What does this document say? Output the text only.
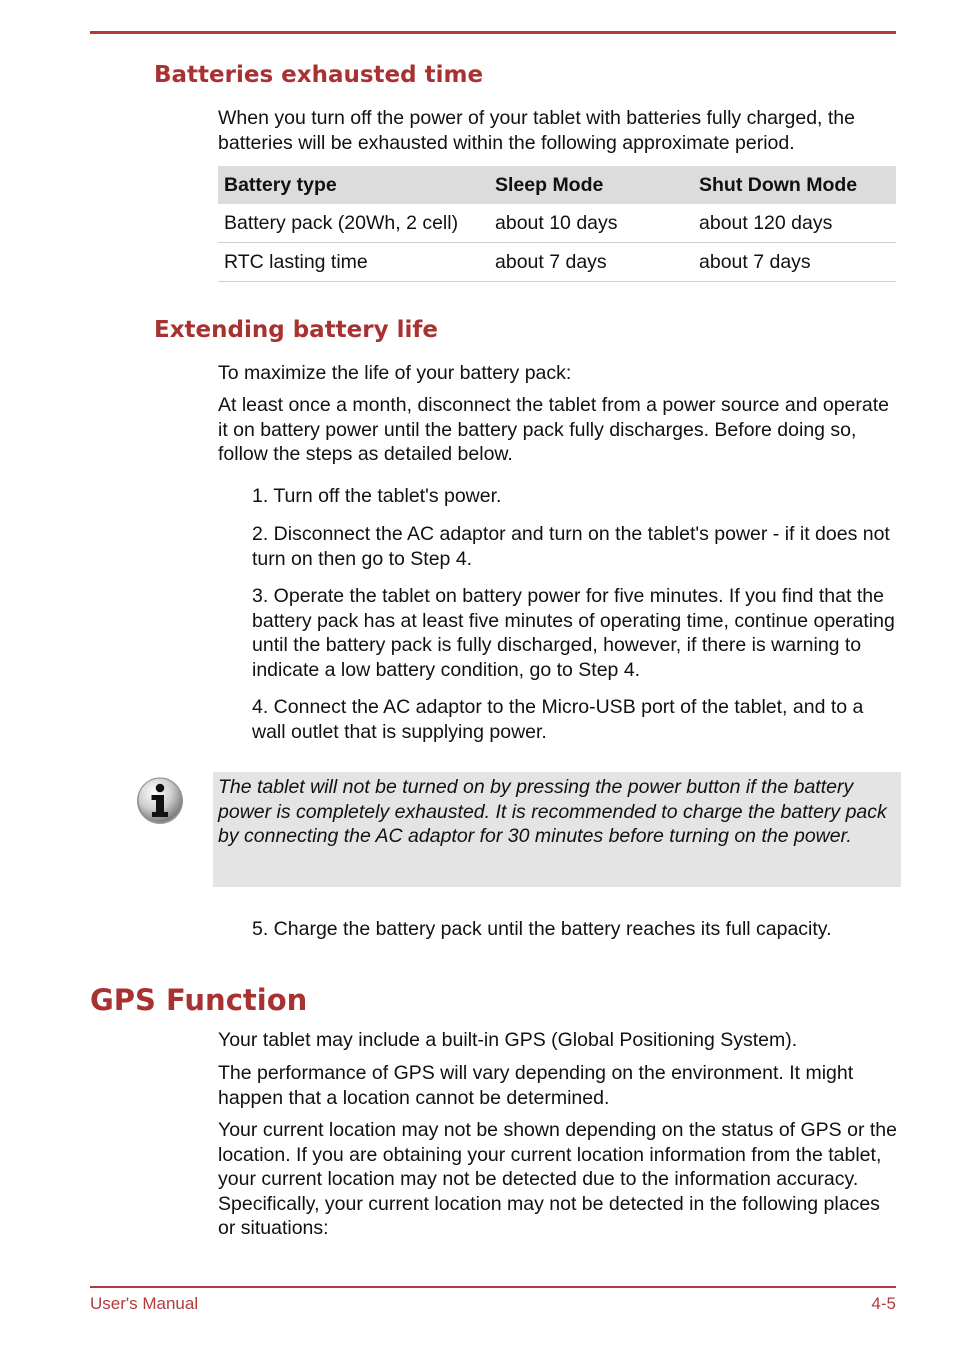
Batteries exhausted time

When you turn off the power of your tablet with batteries fully charged, the batteries will be exhausted within the following approximate period.

Battery type	Sleep Mode	Shut Down Mode
Battery pack (20Wh, 2 cell)	about 10 days	about 120 days
RTC lasting time	about 7 days	about 7 days
Extending battery life

To maximize the life of your battery pack:

At least once a month, disconnect the tablet from a power source and operate it on battery power until the battery pack fully discharges. Before doing so, follow the steps as detailed below.

1. Turn off the tablet's power.

2. Disconnect the AC adaptor and turn on the tablet's power - if it does not turn on then go to Step 4.

3. Operate the tablet on battery power for five minutes. If you find that the battery pack has at least five minutes of operating time, continue operating until the battery pack is fully discharged, however, if there is warning to indicate a low battery condition, go to Step 4.

4. Connect the AC adaptor to the Micro-USB port of the tablet, and to a wall outlet that is supplying power.

The tablet will not be turned on by pressing the power button if the battery power is completely exhausted. It is recommended to charge the battery pack by connecting the AC adaptor for 30 minutes before turning on the power.

5. Charge the battery pack until the battery reaches its full capacity.

GPS Function

Your tablet may include a built-in GPS (Global Positioning System).

The performance of GPS will vary depending on the environment. It might happen that a location cannot be determined.

Your current location may not be shown depending on the status of GPS or the location. If you are obtaining your current location information from the tablet, your current location may not be detected due to the information accuracy. Specifically, your current location may not be detected in the following places or situations:

User's Manual	4-5
